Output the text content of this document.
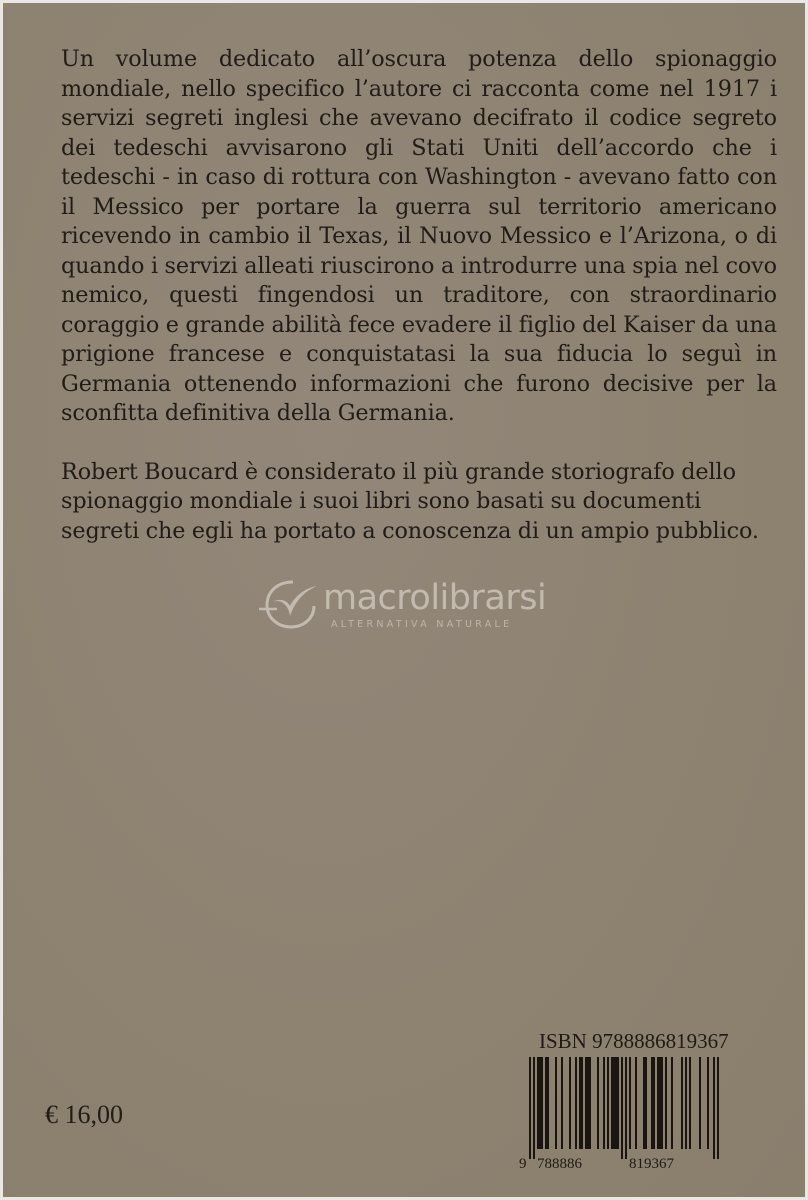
Un volume dedicato all’oscura potenza dello spionaggio mondiale, nello specifico l’autore ci racconta come nel 1917 i servizi segreti inglesi che avevano decifrato il codice segreto dei tedeschi avvisarono gli Stati Uniti dell’accordo che i tedeschi - in caso di rottura con Washington - avevano fatto con il Messico per portare la guerra sul territorio americano ricevendo in cambio il Texas, il Nuovo Messico e l’Arizona, o di quando i servizi alleati riuscirono a introdurre una spia nel covo nemico, questi fingendosi un traditore, con straordinario coraggio e grande abilità fece evadere il figlio del Kaiser da una prigione francese e conquistatasi la sua fiducia lo seguì in Germania ottenendo informazioni che furono decisive per la sconfitta definitiva della Germania.

Robert Boucard è considerato il più grande storiografo dello spionaggio mondiale i suoi libri sono basati su documenti segreti che egli ha portato a conoscenza di un ampio pubblico.

macrolibrarsi
ALTERNATIVA NATURALE
€ 16,00
ISBN 9788886819367
9 788886	819367
